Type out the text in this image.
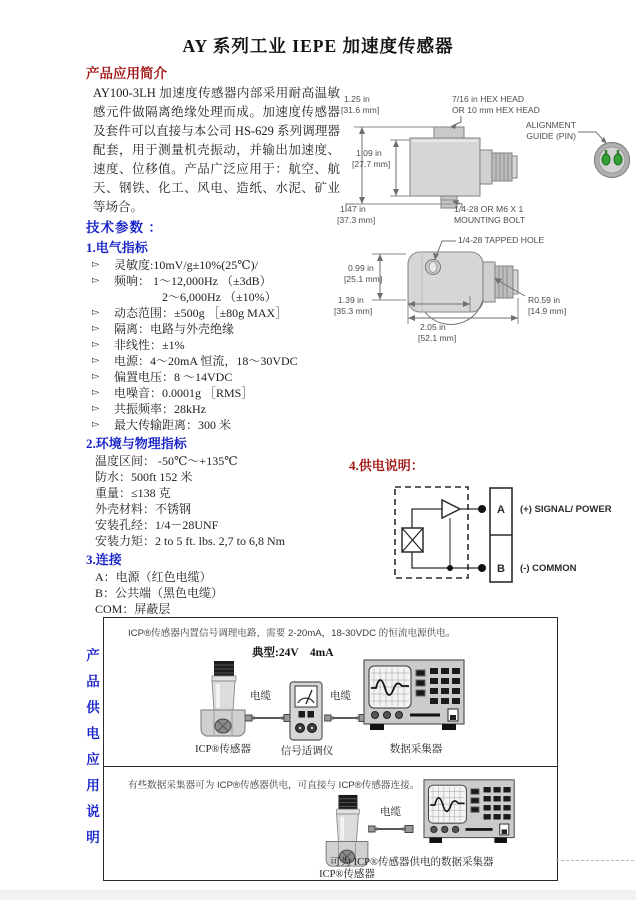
AY 系列工业 IEPE 加速度传感器
产品应用简介
AY100-3LH 加速度传感器内部采用耐高温敏感元件做隔离绝缘处理而成。加速度传感器及套件可以直接与本公司 HS-629 系列调理器配套，用于测量机壳振动，并输出加速度、速度、位移值。产品广泛应用于：航空、航天、钢铁、化工、风电、造纸、水泥、矿业等场合。
技术参数 ：
1.电气指标
▻	灵敏度:10mV/g±10%(25℃)/
▻	频响： 1～12,000Hz （±3dB）
2～6,000Hz （±10%）
▻	动态范围：±500g ［±80g MAX］
▻	隔离：电路与外壳绝缘
▻	非线性：±1%
▻	电源：4～20mA 恒流，18～30VDC
▻	偏置电压：8 ～14VDC
▻	电噪音：0.0001g ［RMS］
▻	共振频率：28kHz
▻	最大传输距离：300 米
2.环境与物理指标
温度区间： -50℃～+135℃
防水：500ft 152 米
重量：≤138 克
外壳材料：不锈钢
安装孔经：1/4－28UNF
安装力矩：2 to 5 ft. lbs. 2,7 to 6,8 Nm
3.连接
A：电源（红色电缆）
B：公共端（黑色电缆）
COM：屏蔽层
1.25 in
[31.6 mm]
1.09 in
[27.7 mm]
1.47 in
[37.3 mm]
7/16 in HEX HEAD
OR 10 mm HEX HEAD
ALIGNMENT
GUIDE (PIN)
1/4-28 OR M6 X 1
MOUNTING BOLT
1/4-28 TAPPED HOLE
0.99 in
[25.1 mm]
1.39 in
[35.3 mm]
2.05 in
[52.1 mm]
R0.59 in
[14.9 mm]
4.供电说明：
A
B
(+) SIGNAL/ POWER
(-) COMMON
产
品
供
电
应
用
说
明
ICP®传感器内置信号调理电路，需要 2-20mA，18-30VDC 的恒流电源供电。
典型:24V　4mA
电缆	电缆
ICP®传感器	信号适调仪	数据采集器
有些数据采集器可为 ICP®传感器供电，可直接与 ICP®传感器连接。
电缆
ICP®传感器
可为 ICP®传感器供电的数据采集器
